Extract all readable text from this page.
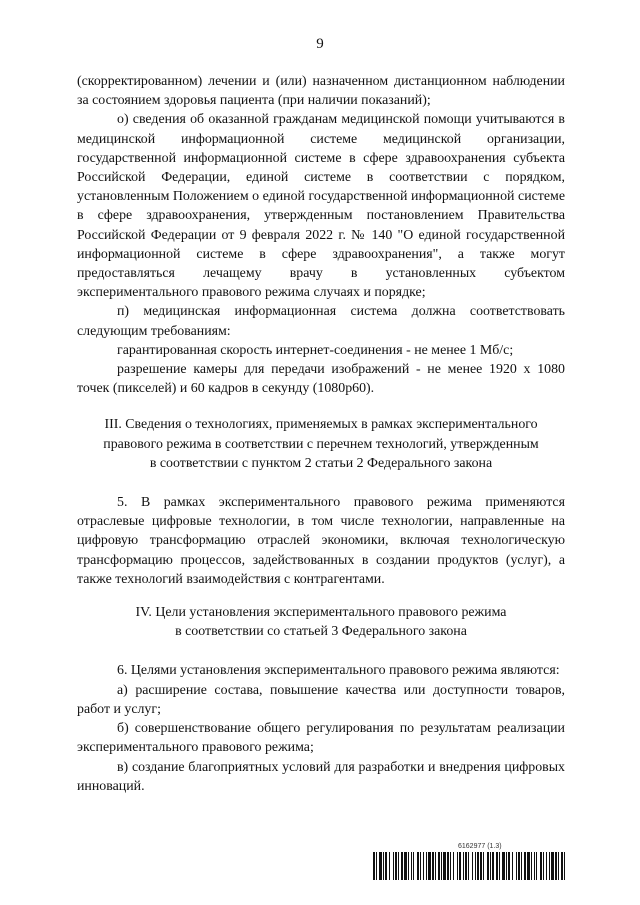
9

(скорректированном) лечении и (или) назначенном дистанционном наблюдении за состоянием здоровья пациента (при наличии показаний);

о) сведения об оказанной гражданам медицинской помощи учитываются в медицинской информационной системе медицинской организации, государственной информационной системе в сфере здравоохранения субъекта Российской Федерации, единой системе в соответствии с порядком, установленным Положением о единой государственной информационной системе в сфере здравоохранения, утвержденным постановлением Правительства Российской Федерации от 9 февраля 2022 г. № 140 "О единой государственной информационной системе в сфере здравоохранения", а также могут предоставляться лечащему врачу в установленных субъектом экспериментального правового режима случаях и порядке;

п) медицинская информационная система должна соответствовать следующим требованиям:

гарантированная скорость интернет-соединения - не менее 1 Мб/с;

разрешение камеры для передачи изображений - не менее 1920 х 1080 точек (пикселей) и 60 кадров в секунду (1080р60).

III. Сведения о технологиях, применяемых в рамках экспериментального
правового режима в соответствии с перечнем технологий, утвержденным
в соответствии с пунктом 2 статьи 2 Федерального закона

5. В рамках экспериментального правового режима применяются отраслевые цифровые технологии, в том числе технологии, направленные на цифровую трансформацию отраслей экономики, включая технологическую трансформацию процессов, задействованных в создании продуктов (услуг), а также технологий взаимодействия с контрагентами.

IV. Цели установления экспериментального правового режима
в соответствии со статьей 3 Федерального закона

6. Целями установления экспериментального правового режима являются:

а) расширение состава, повышение качества или доступности товаров, работ и услуг;

б) совершенствование общего регулирования по результатам реализации экспериментального правового режима;

в) создание благоприятных условий для разработки и внедрения цифровых инноваций.

6162977 (1.3)
